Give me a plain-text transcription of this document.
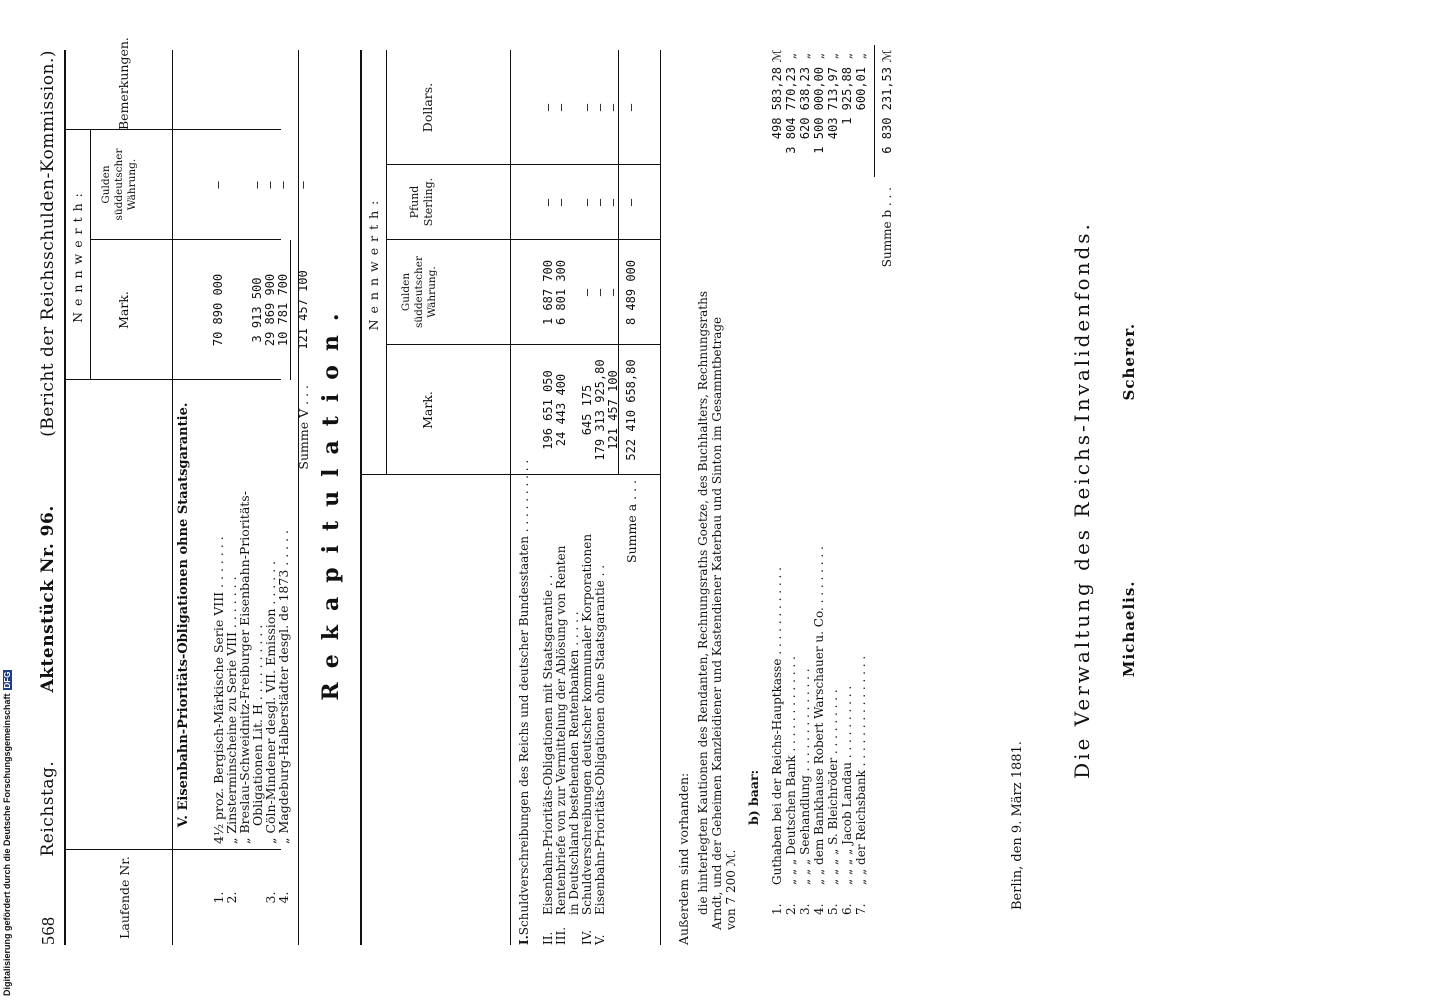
568
Reichstag.
Aktenstück Nr. 96.
(Bericht der Reichsschulden-Kommission.)
Laufende Nr.
Nennwerth: Mark.
Gulden süddeutscher Währung.
Bemerkungen.
V. Eisenbahn-Prioritäts-Obligationen ohne Staatsgarantie.
1.
4½ proz. Bergisch-Märkische Serie VIII . . . . . . .
2.
„ Zinsterminscheine zu Serie VIII . . . . . . .
„ Breslau-Schweidnitz-Freiburger Eisenbahn-Prioritäts-
Obligationen Lit. H . . . . . . . . . .
3.
„ Cöln-Mindener desgl. VII. Emission . . . . . .
4.
„ Magdeburg-Halberstädter desgl. de 1873 . . . . .
70 890 000 3 913 500 29 869 900 10 781 700
— — — —
Summe V . . .
121 457 100
—
Rekapitulation.
Nennwerth:
Mark.
Gulden süddeutscher Währung.
Pfund Sterling.
Dollars.
I.
Schuldverschreibungen des Reichs und deutscher Bundesstaaten . . . . . . . . . .
II.
Eisenbahn-Prioritäts-Obligationen mit Staatsgarantie . .
III.
Rentenbriefe von zur Vermittelung der Ablösung von Renten in Deutschland bestehenden Rentenbanken . . . . .
IV.
Schuldverschreibungen deutscher kommunaler Korporationen
V.
Eisenbahn-Prioritäts-Obligationen ohne Staatsgarantie . .
196 651 050 24 443 400 645 175 179 313 925,80 121 457 100
1 687 700 6 801 300 — — —
— — — — —
— — — — —
Summe a . . .
522 410 658,80
8 489 000
—
—
Außerdem sind vorhanden: die hinterlegten Kautionen des Rendanten, Rechnungsraths Goetze, des Buchhalters, Rechnungsraths Arndt, und der Geheimen Kanzleidiener und Kastendiener Katerbau und Sinton im Gesammtbetrage von 7 200 ℳ.
b) baar:
1.
Guthaben bei der Reichs-Hauptkasse . . . . . . . . . . . .
498 583,28
ℳ
2.
„ „ „ Deutschen Bank . . . . . . . . . . . . .
3 804 770,23
„
3.
„ „ „ Seehandlung . . . . . . . . . . . . . .
620 638,23
„
4.
„ „ dem Bankhause Robert Warschauer u. Co. . . . . . . . .
1 500 000,00
„
5.
„ „ „ „ S. Bleichröder . . . . . . . . .
403 713,97
„
6.
„ „ „ „ Jacob Landau . . . . . . . . . .
1 925,88
„
7.
„ „ der Reichsbank . . . . . . . . . . . . . . .
600,01
„
Summe b . . .
6 830 231,53
ℳ
Berlin, den 9. März 1881.
Die Verwaltung des Reichs-Invalidenfonds. Michaelis.
Scherer.
Digitalisierung gefördert durch die Deutsche ForschungsgemeinschaftDFG
